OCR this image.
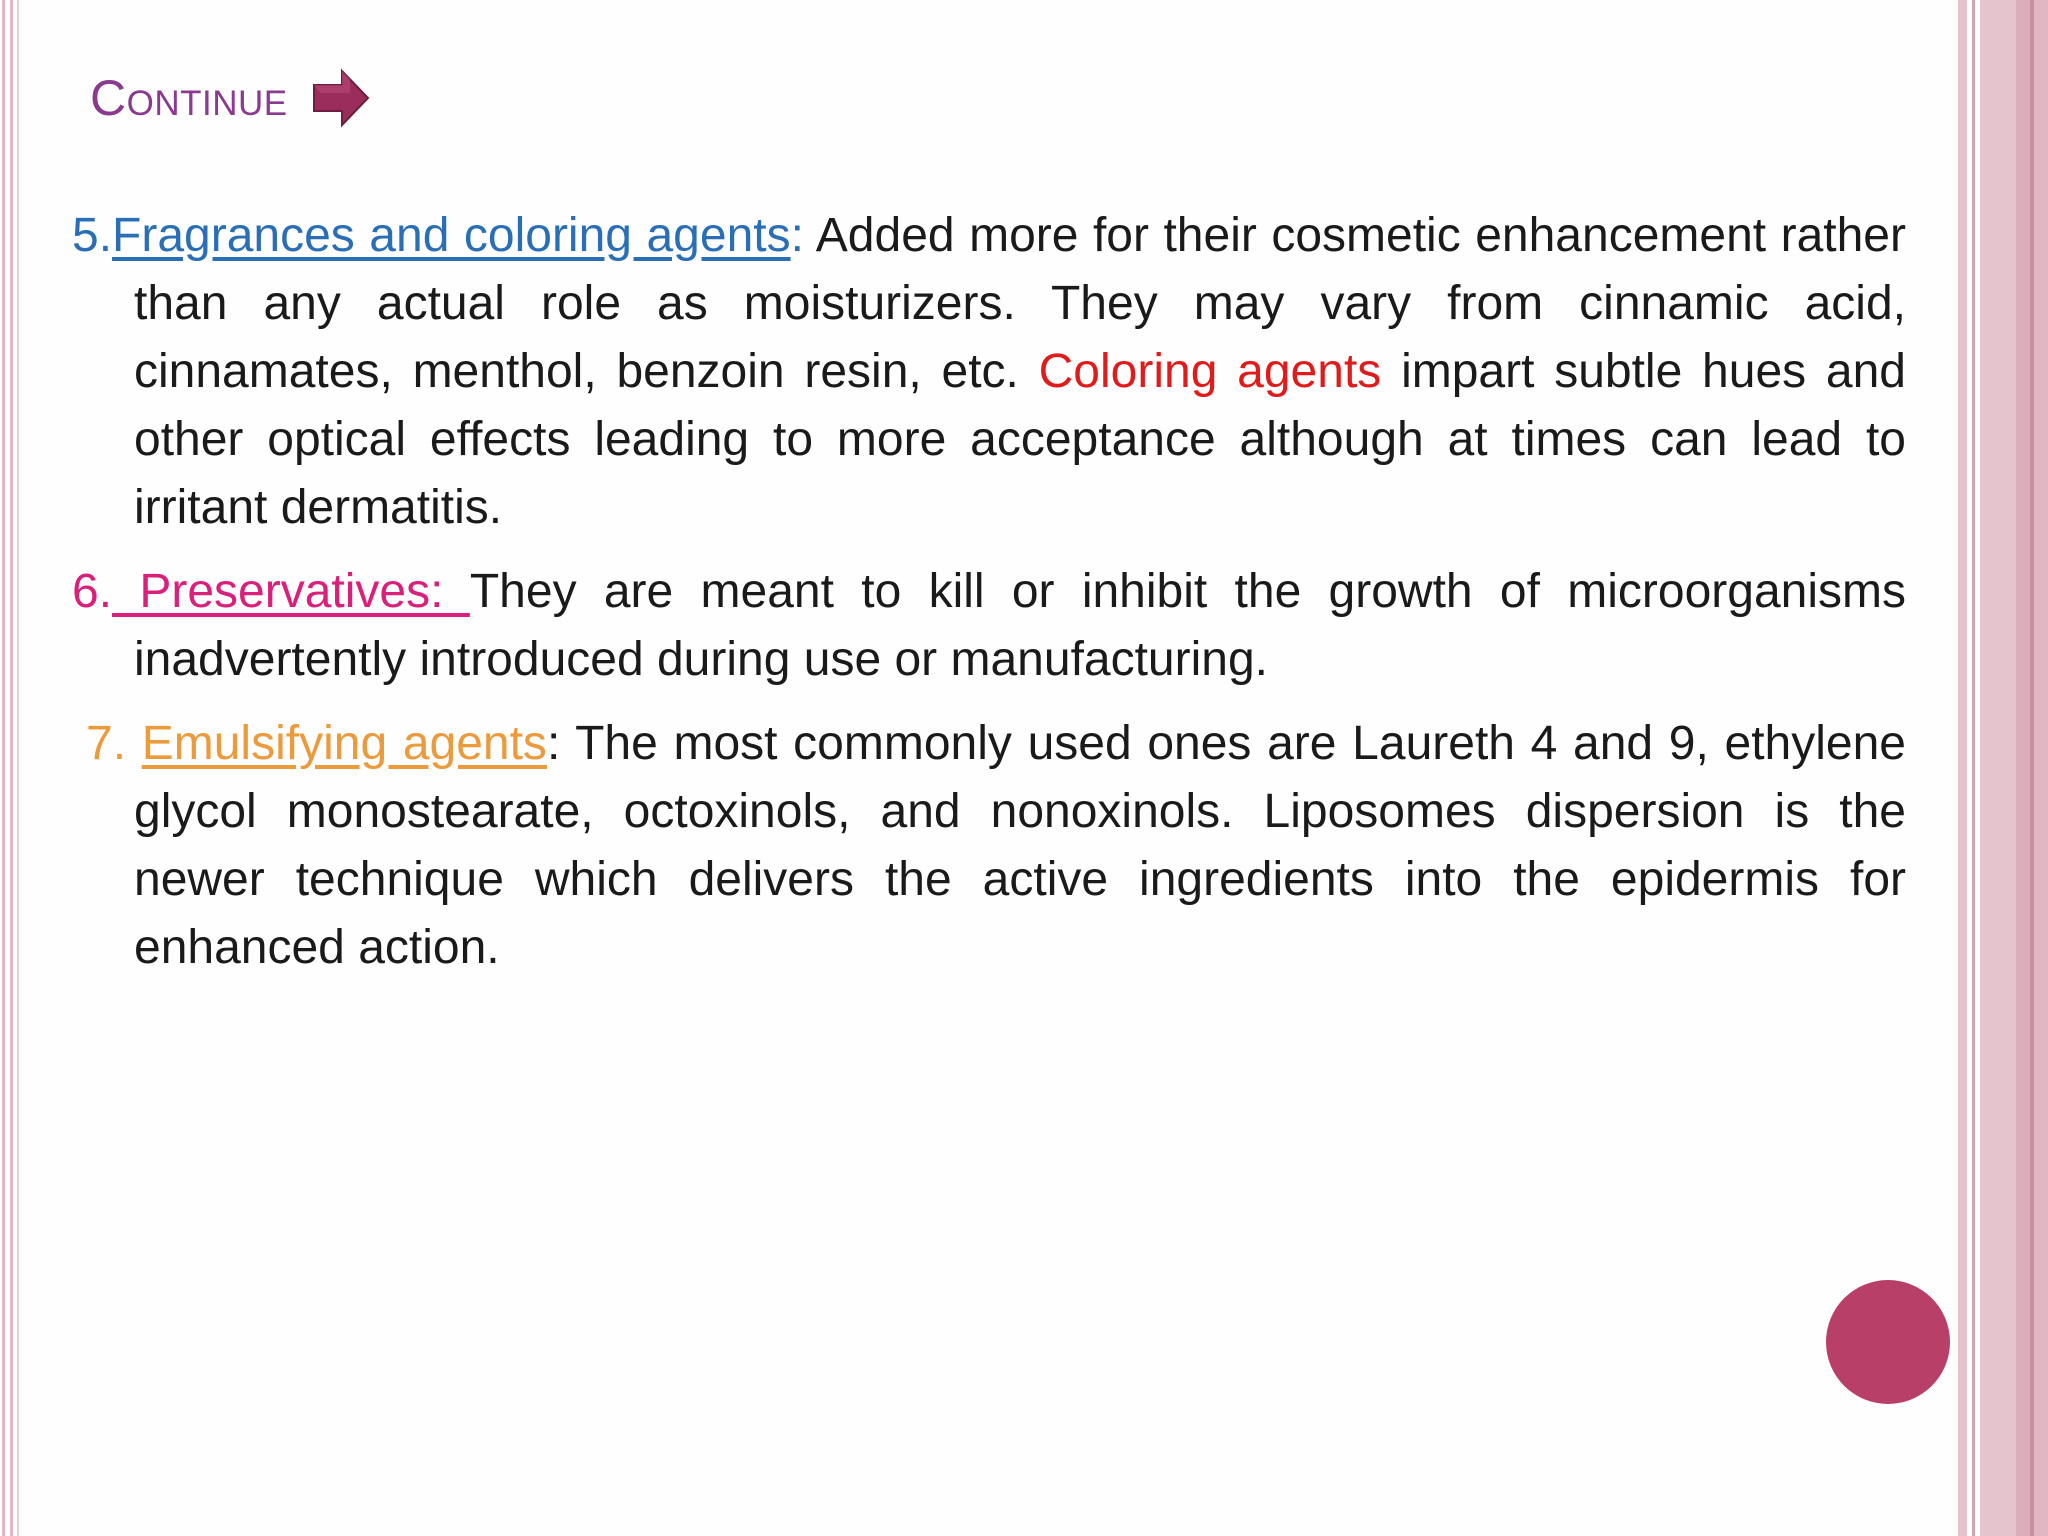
Continue

5.Fragrances and coloring agents: Added more for their cosmetic enhancement rather than any actual role as moisturizers. They may vary from cinnamic acid, cinnamates, menthol, benzoin resin, etc. Coloring agents impart subtle hues and other optical effects leading to more acceptance although at times can lead to irritant dermatitis.

6. Preservatives: They are meant to kill or inhibit the growth of microorganisms inadvertently introduced during use or manufacturing.

7. Emulsifying agents: The most commonly used ones are Laureth 4 and 9, ethylene glycol monostearate, octoxinols, and nonoxinols. Liposomes dispersion is the newer technique which delivers the active ingredients into the epidermis for enhanced action.
